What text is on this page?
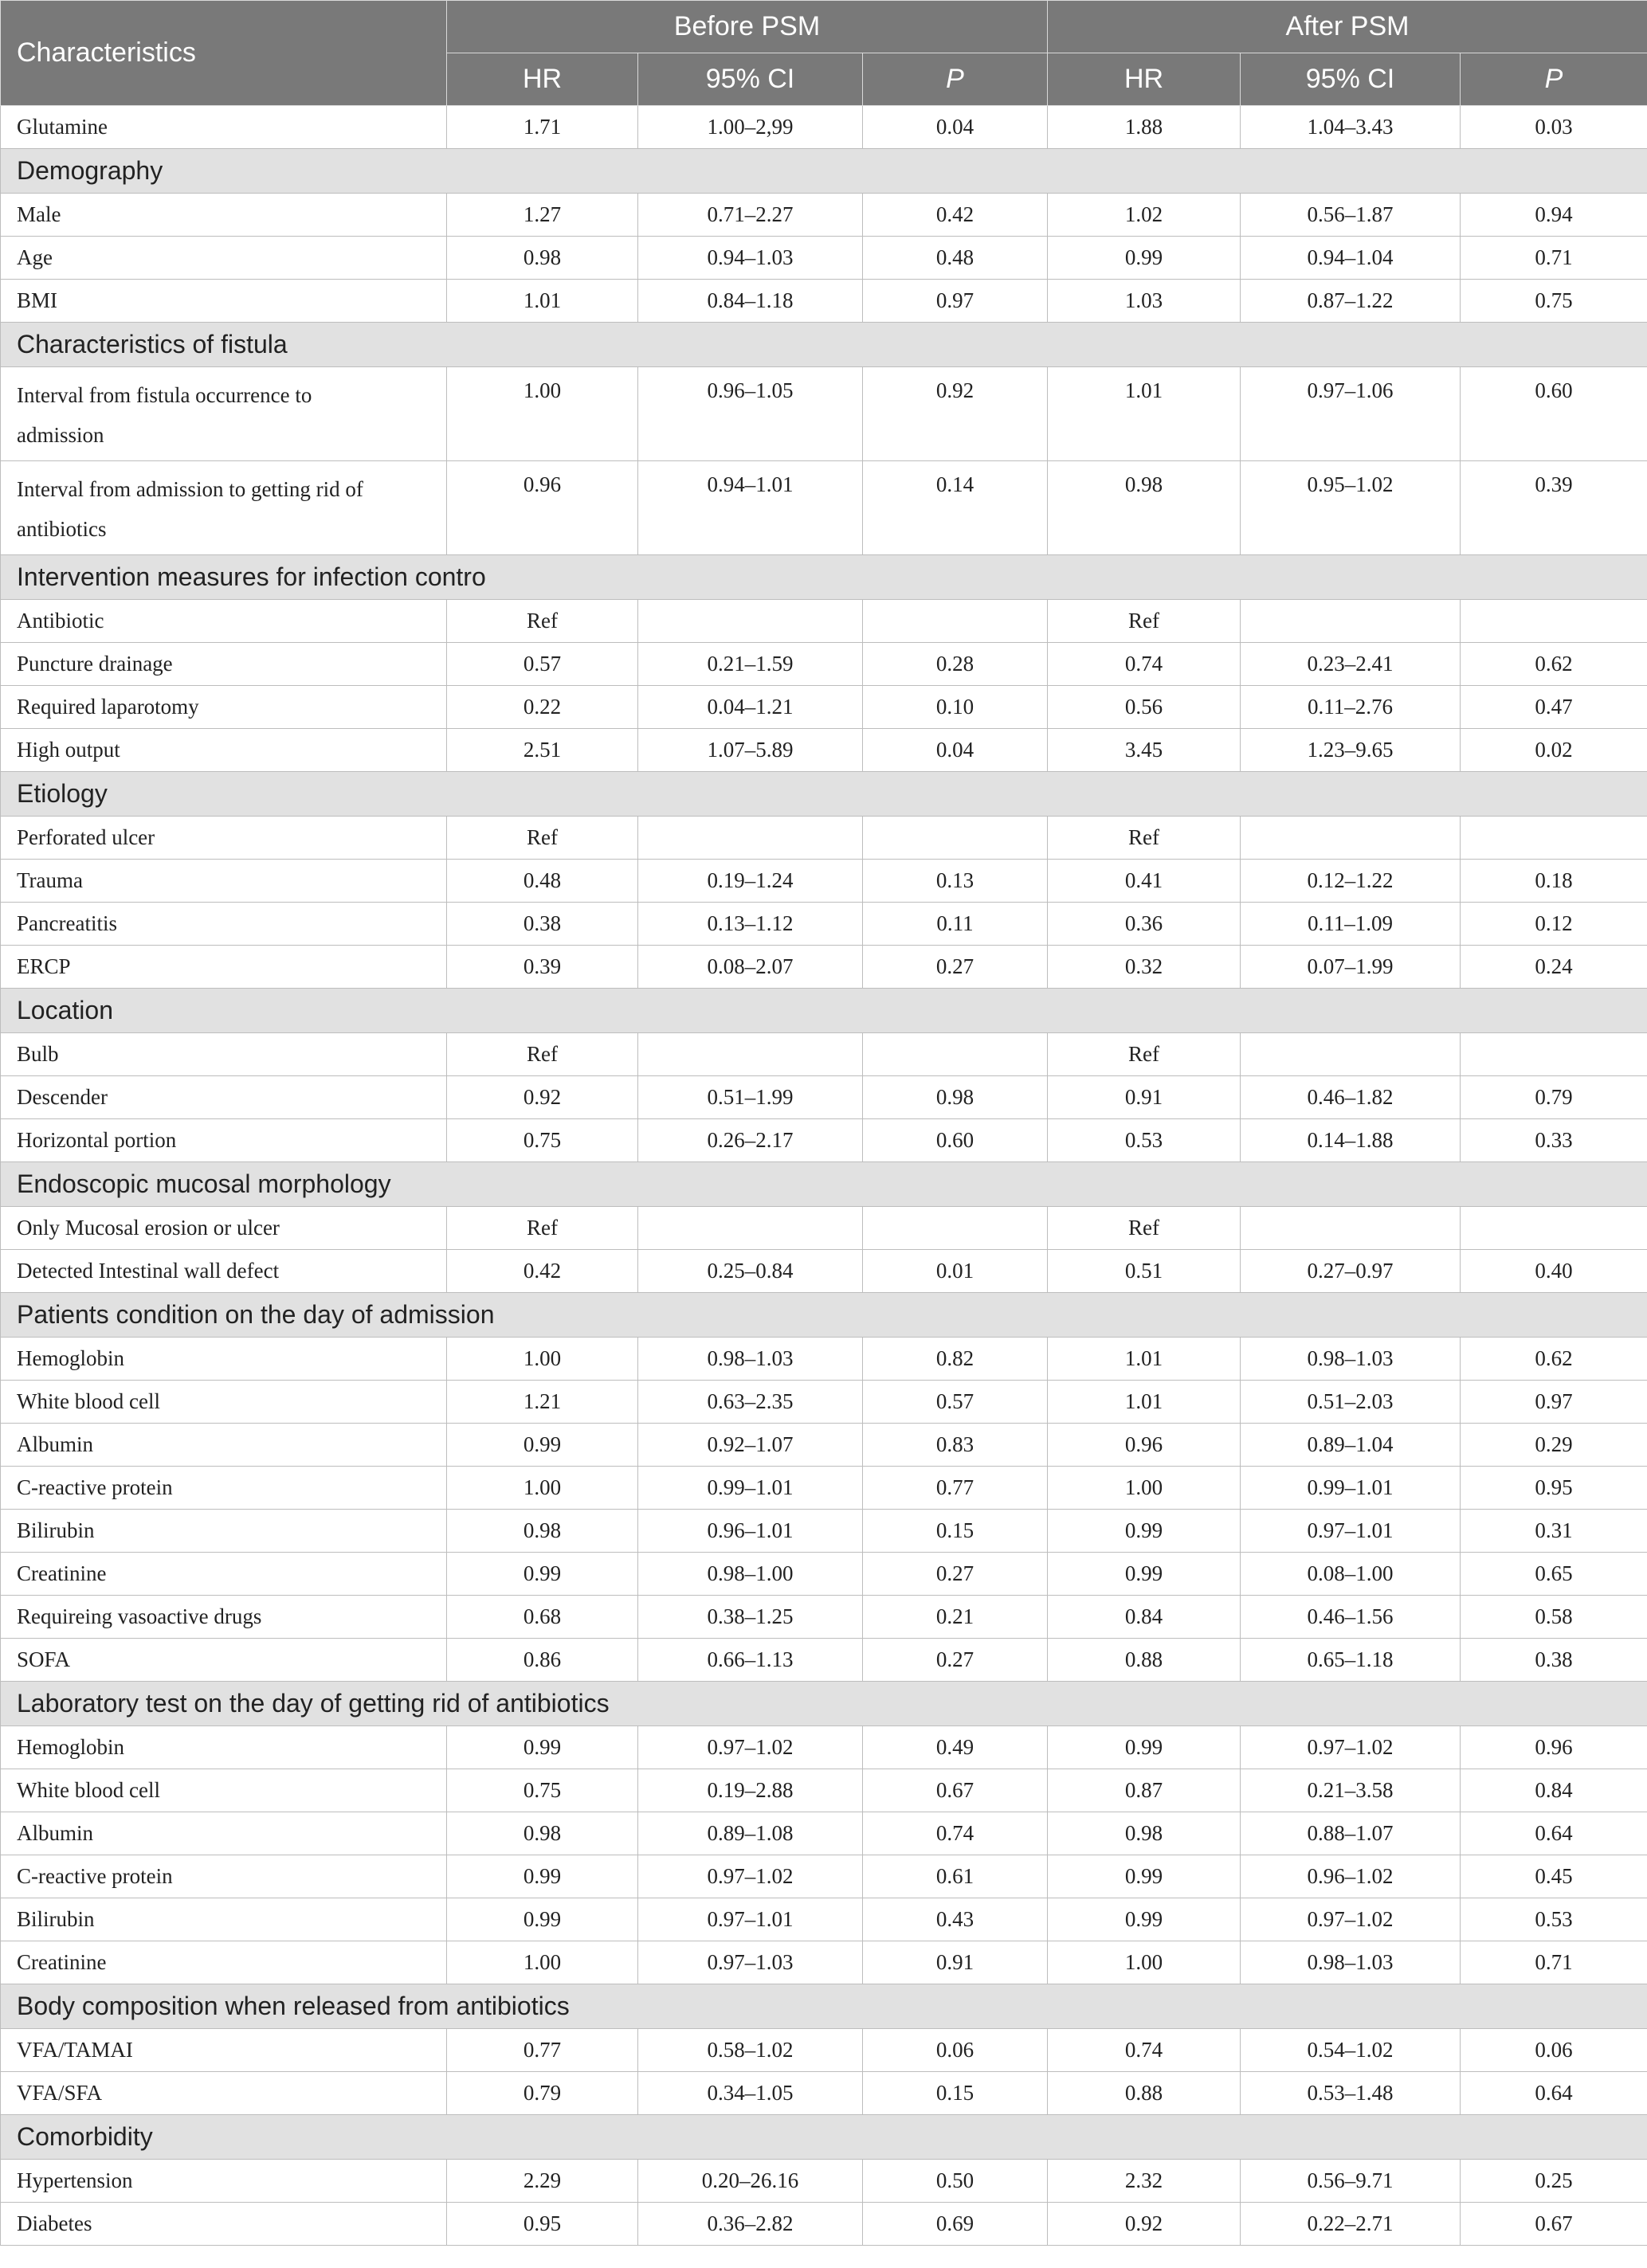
Characteristics	Before PSM			After PSM		
	HR	95% CI	P	HR	95% CI	P
Glutamine	1.71	1.00–2,99	0.04	1.88	1.04–3.43	0.03
Demography						
Male	1.27	0.71–2.27	0.42	1.02	0.56–1.87	0.94
Age	0.98	0.94–1.03	0.48	0.99	0.94–1.04	0.71
BMI	1.01	0.84–1.18	0.97	1.03	0.87–1.22	0.75
Characteristics of fistula						
Interval from fistula occurrence to admission	1.00	0.96–1.05	0.92	1.01	0.97–1.06	0.60
Interval from admission to getting rid of antibiotics	0.96	0.94–1.01	0.14	0.98	0.95–1.02	0.39
Intervention measures for infection contro						
Antibiotic	Ref			Ref		
Puncture drainage	0.57	0.21–1.59	0.28	0.74	0.23–2.41	0.62
Required laparotomy	0.22	0.04–1.21	0.10	0.56	0.11–2.76	0.47
High output	2.51	1.07–5.89	0.04	3.45	1.23–9.65	0.02
Etiology						
Perforated ulcer	Ref			Ref		
Trauma	0.48	0.19–1.24	0.13	0.41	0.12–1.22	0.18
Pancreatitis	0.38	0.13–1.12	0.11	0.36	0.11–1.09	0.12
ERCP	0.39	0.08–2.07	0.27	0.32	0.07–1.99	0.24
Location						
Bulb	Ref			Ref		
Descender	0.92	0.51–1.99	0.98	0.91	0.46–1.82	0.79
Horizontal portion	0.75	0.26–2.17	0.60	0.53	0.14–1.88	0.33
Endoscopic mucosal morphology						
Only Mucosal erosion or ulcer	Ref			Ref		
Detected Intestinal wall defect	0.42	0.25–0.84	0.01	0.51	0.27–0.97	0.40
Patients condition on the day of admission						
Hemoglobin	1.00	0.98–1.03	0.82	1.01	0.98–1.03	0.62
White blood cell	1.21	0.63–2.35	0.57	1.01	0.51–2.03	0.97
Albumin	0.99	0.92–1.07	0.83	0.96	0.89–1.04	0.29
C-reactive protein	1.00	0.99–1.01	0.77	1.00	0.99–1.01	0.95
Bilirubin	0.98	0.96–1.01	0.15	0.99	0.97–1.01	0.31
Creatinine	0.99	0.98–1.00	0.27	0.99	0.08–1.00	0.65
Requireing vasoactive drugs	0.68	0.38–1.25	0.21	0.84	0.46–1.56	0.58
SOFA	0.86	0.66–1.13	0.27	0.88	0.65–1.18	0.38
Laboratory test on the day of getting rid of antibiotics						
Hemoglobin	0.99	0.97–1.02	0.49	0.99	0.97–1.02	0.96
White blood cell	0.75	0.19–2.88	0.67	0.87	0.21–3.58	0.84
Albumin	0.98	0.89–1.08	0.74	0.98	0.88–1.07	0.64
C-reactive protein	0.99	0.97–1.02	0.61	0.99	0.96–1.02	0.45
Bilirubin	0.99	0.97–1.01	0.43	0.99	0.97–1.02	0.53
Creatinine	1.00	0.97–1.03	0.91	1.00	0.98–1.03	0.71
Body composition when released from antibiotics						
VFA/TAMAI	0.77	0.58–1.02	0.06	0.74	0.54–1.02	0.06
VFA/SFA	0.79	0.34–1.05	0.15	0.88	0.53–1.48	0.64
Comorbidity						
Hypertension	2.29	0.20–26.16	0.50	2.32	0.56–9.71	0.25
Diabetes	0.95	0.36–2.82	0.69	0.92	0.22–2.71	0.67
